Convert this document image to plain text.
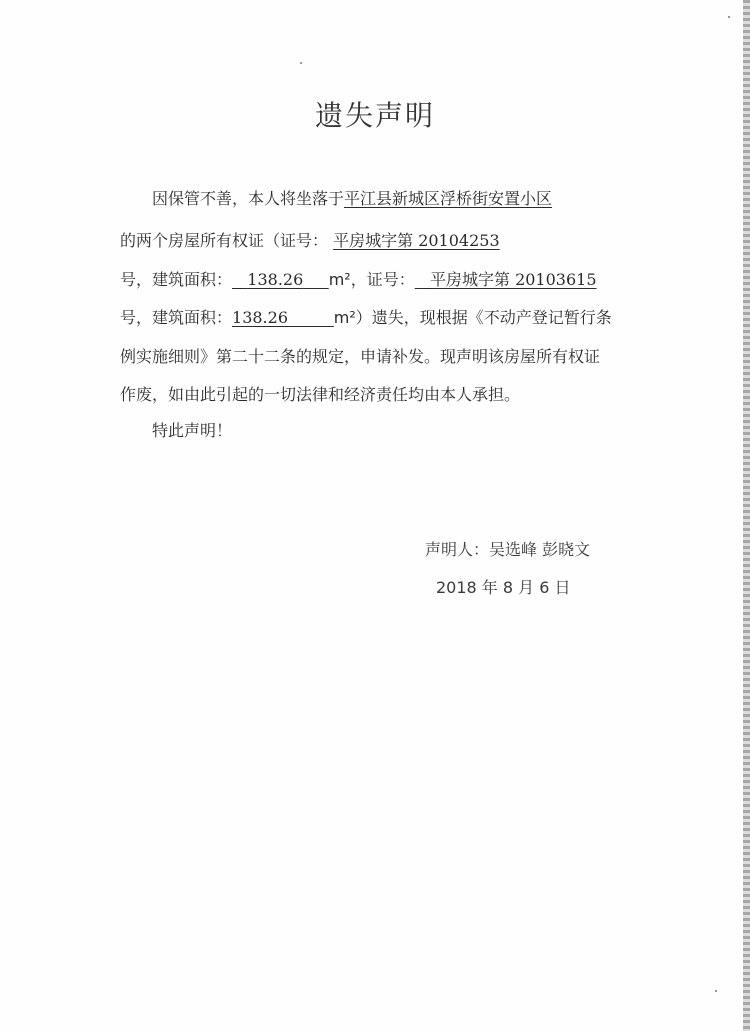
遗失声明
因保管不善，本人将坐落于平江县新城区浮桥街安置小区
的两个房屋所有权证（证号： 平房城字第 20104253
号，建筑面积： 138.26 m²，证号： 平房城字第 20103615
号，建筑面积：138.26	m²）遗失，现根据《不动产登记暂行条
例实施细则》第二十二条的规定，申请补发。现声明该房屋所有权证
作废，如由此引起的一切法律和经济责任均由本人承担。
特此声明！
声明人：吴选峰 彭晓文
2018 年 8 月 6 日
